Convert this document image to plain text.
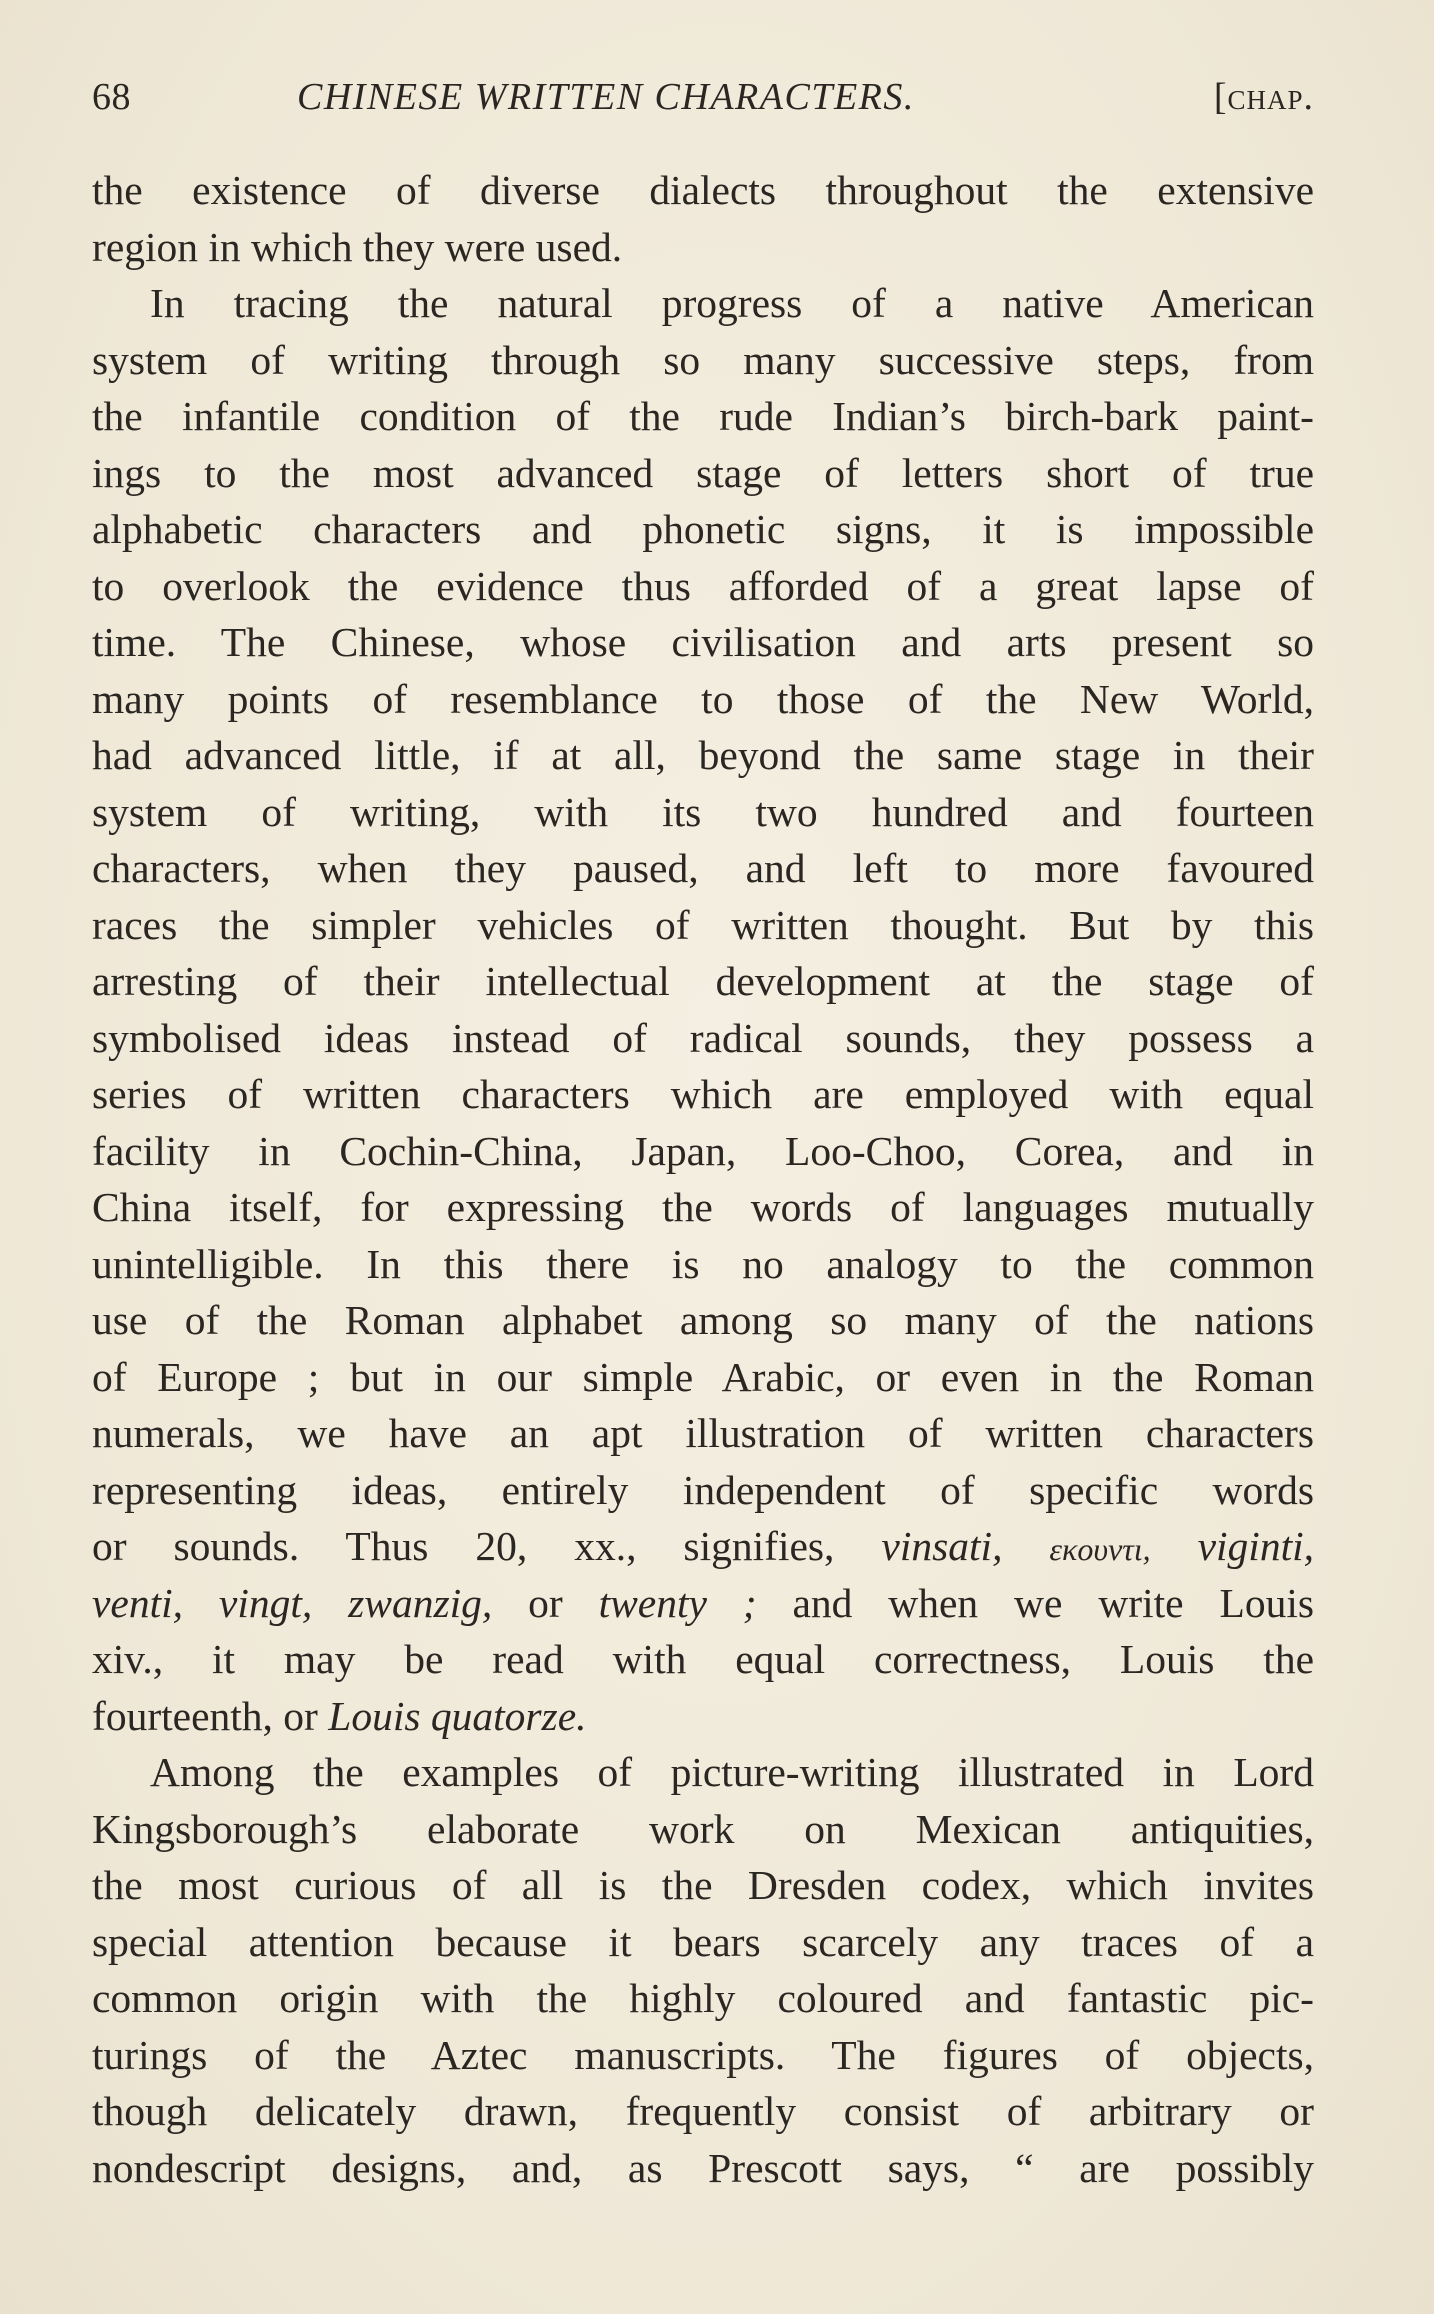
68	CHINESE WRITTEN CHARACTERS.	[chap.
the existence of diverse dialects throughout the extensive
region in which they were used.
In tracing the natural progress of a native American
system of writing through so many successive steps, from
the infantile condition of the rude Indian’s birch-bark paint-
ings to the most advanced stage of letters short of true
alphabetic characters and phonetic signs, it is impossible
to overlook the evidence thus afforded of a great lapse of
time. The Chinese, whose civilisation and arts present so
many points of resemblance to those of the New World,
had advanced little, if at all, beyond the same stage in their
system of writing, with its two hundred and fourteen
characters, when they paused, and left to more favoured
races the simpler vehicles of written thought. But by this
arresting of their intellectual development at the stage of
symbolised ideas instead of radical sounds, they possess a
series of written characters which are employed with equal
facility in Cochin-China, Japan, Loo-Choo, Corea, and in
China itself, for expressing the words of languages mutually
unintelligible. In this there is no analogy to the common
use of the Roman alphabet among so many of the nations
of Europe ; but in our simple Arabic, or even in the Roman
numerals, we have an apt illustration of written characters
representing ideas, entirely independent of specific words
or sounds. Thus 20, xx., signifies, vinsati, εκουντι, viginti,
venti, vingt, zwanzig, or twenty ; and when we write Louis
xiv., it may be read with equal correctness, Louis the
fourteenth, or Louis quatorze.
Among the examples of picture-writing illustrated in Lord
Kingsborough’s elaborate work on Mexican antiquities,
the most curious of all is the Dresden codex, which invites
special attention because it bears scarcely any traces of a
common origin with the highly coloured and fantastic pic-
turings of the Aztec manuscripts. The figures of objects,
though delicately drawn, frequently consist of arbitrary or
nondescript designs, and, as Prescott says, “ are possibly
